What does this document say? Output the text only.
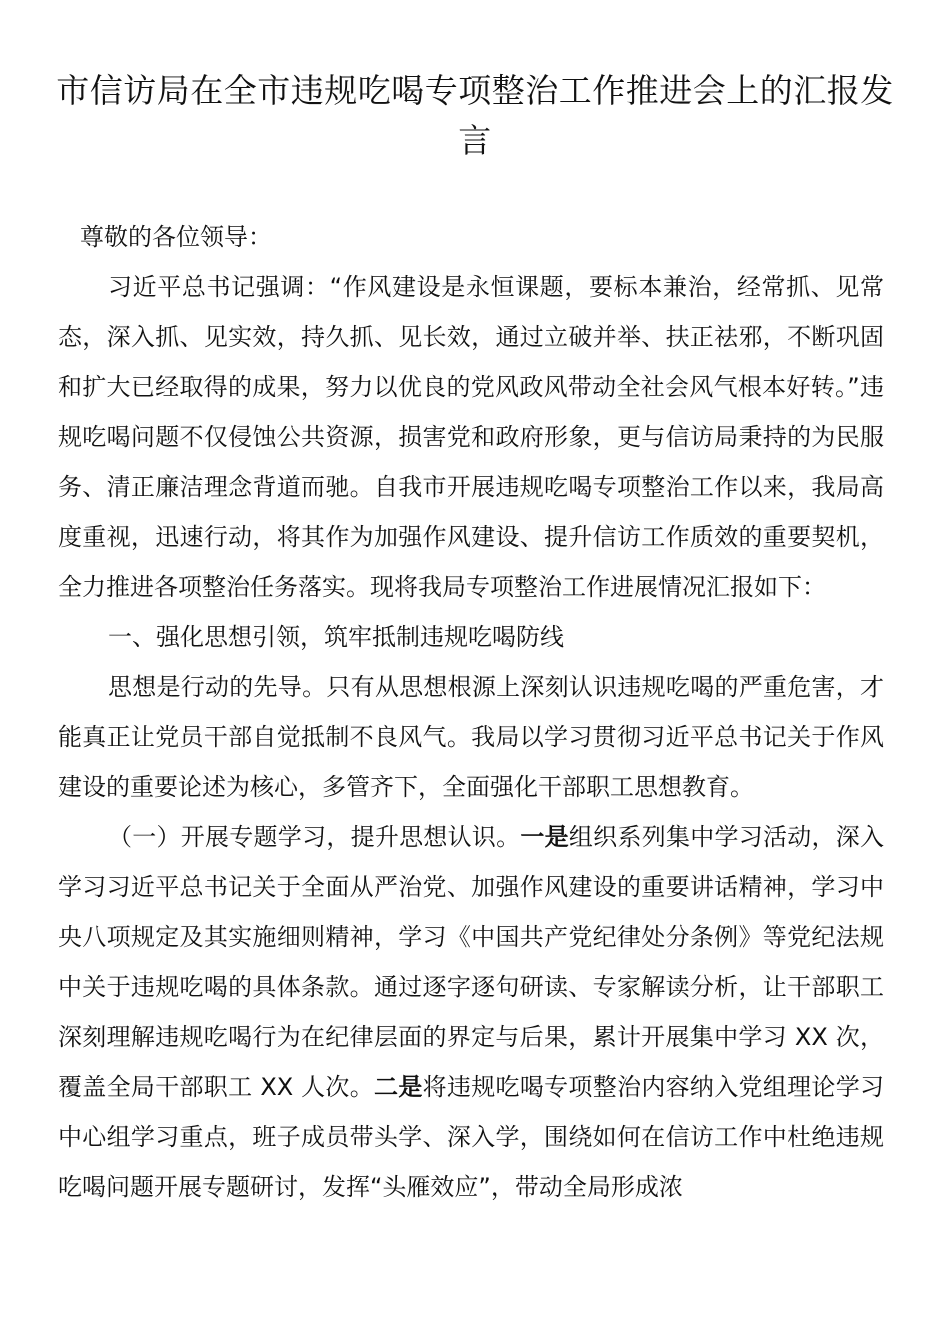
市信访局在全市违规吃喝专项整治工作推进会上的汇报发言

尊敬的各位领导：

习近平总书记强调：“作风建设是永恒课题，要标本兼治，经常抓、见常态，深入抓、见实效，持久抓、见长效，通过立破并举、扶正祛邪，不断巩固和扩大已经取得的成果，努力以优良的党风政风带动全社会风气根本好转。”违规吃喝问题不仅侵蚀公共资源，损害党和政府形象，更与信访局秉持的为民服务、清正廉洁理念背道而驰。自我市开展违规吃喝专项整治工作以来，我局高度重视，迅速行动，将其作为加强作风建设、提升信访工作质效的重要契机，全力推进各项整治任务落实。现将我局专项整治工作进展情况汇报如下：

一、强化思想引领，筑牢抵制违规吃喝防线

思想是行动的先导。只有从思想根源上深刻认识违规吃喝的严重危害，才能真正让党员干部自觉抵制不良风气。我局以学习贯彻习近平总书记关于作风建设的重要论述为核心，多管齐下，全面强化干部职工思想教育。

（一）开展专题学习，提升思想认识。一是组织系列集中学习活动，深入学习习近平总书记关于全面从严治党、加强作风建设的重要讲话精神，学习中央八项规定及其实施细则精神，学习《中国共产党纪律处分条例》等党纪法规中关于违规吃喝的具体条款。通过逐字逐句研读、专家解读分析，让干部职工深刻理解违规吃喝行为在纪律层面的界定与后果，累计开展集中学习 XX 次，覆盖全局干部职工 XX 人次。二是将违规吃喝专项整治内容纳入党组理论学习中心组学习重点，班子成员带头学、深入学，围绕如何在信访工作中杜绝违规吃喝问题开展专题研讨，发挥“头雁效应”，带动全局形成浓
